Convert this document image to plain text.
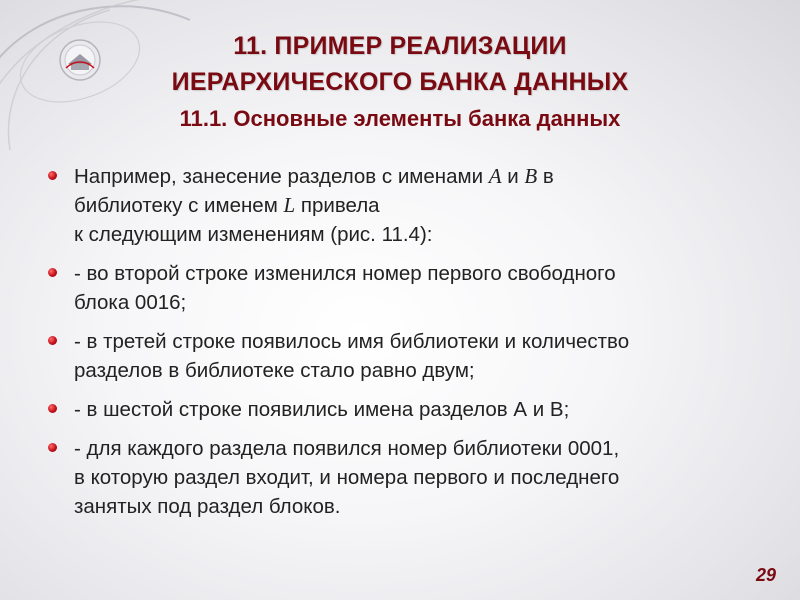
11. ПРИМЕР РЕАЛИЗАЦИИ
ИЕРАРХИЧЕСКОГО БАНКА ДАННЫХ
11.1. Основные элементы банка данных
Например, занесение разделов с именами A и B в
библиотеку с именем L привела
к следующим изменениям (рис. 11.4):
- во второй строке изменился номер первого свободного
блока 0016;
- в третей строке появилось имя библиотеки и количество
разделов в библиотеке стало равно двум;
- в шестой строке появились имена разделов А и В;
- для каждого раздела появился номер библиотеки 0001,
в которую раздел входит, и номера первого и последнего
занятых под раздел блоков.
29
